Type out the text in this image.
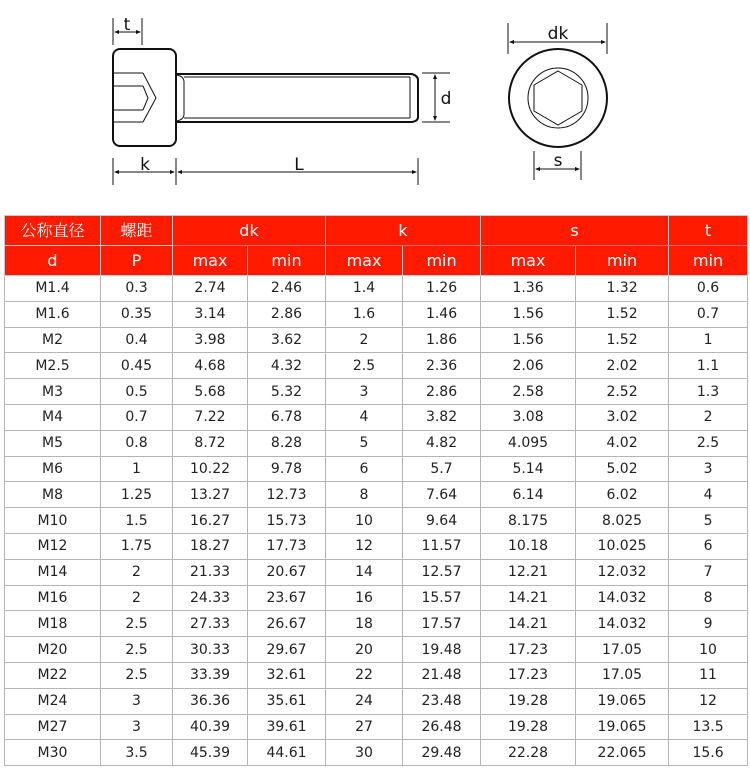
t
k	L
d
dk
s
公称直径	螺距	dk		k		s		t
d	P	max	min	max	min	max	min	min
M1.4	0.3	2.74	2.46	1.4	1.26	1.36	1.32	0.6
M1.6	0.35	3.14	2.86	1.6	1.46	1.56	1.52	0.7
M2	0.4	3.98	3.62	2	1.86	1.56	1.52	1
M2.5	0.45	4.68	4.32	2.5	2.36	2.06	2.02	1.1
M3	0.5	5.68	5.32	3	2.86	2.58	2.52	1.3
M4	0.7	7.22	6.78	4	3.82	3.08	3.02	2
M5	0.8	8.72	8.28	5	4.82	4.095	4.02	2.5
M6	1	10.22	9.78	6	5.7	5.14	5.02	3
M8	1.25	13.27	12.73	8	7.64	6.14	6.02	4
M10	1.5	16.27	15.73	10	9.64	8.175	8.025	5
M12	1.75	18.27	17.73	12	11.57	10.18	10.025	6
M14	2	21.33	20.67	14	12.57	12.21	12.032	7
M16	2	24.33	23.67	16	15.57	14.21	14.032	8
M18	2.5	27.33	26.67	18	17.57	14.21	14.032	9
M20	2.5	30.33	29.67	20	19.48	17.23	17.05	10
M22	2.5	33.39	32.61	22	21.48	17.23	17.05	11
M24	3	36.36	35.61	24	23.48	19.28	19.065	12
M27	3	40.39	39.61	27	26.48	19.28	19.065	13.5
M30	3.5	45.39	44.61	30	29.48	22.28	22.065	15.6
